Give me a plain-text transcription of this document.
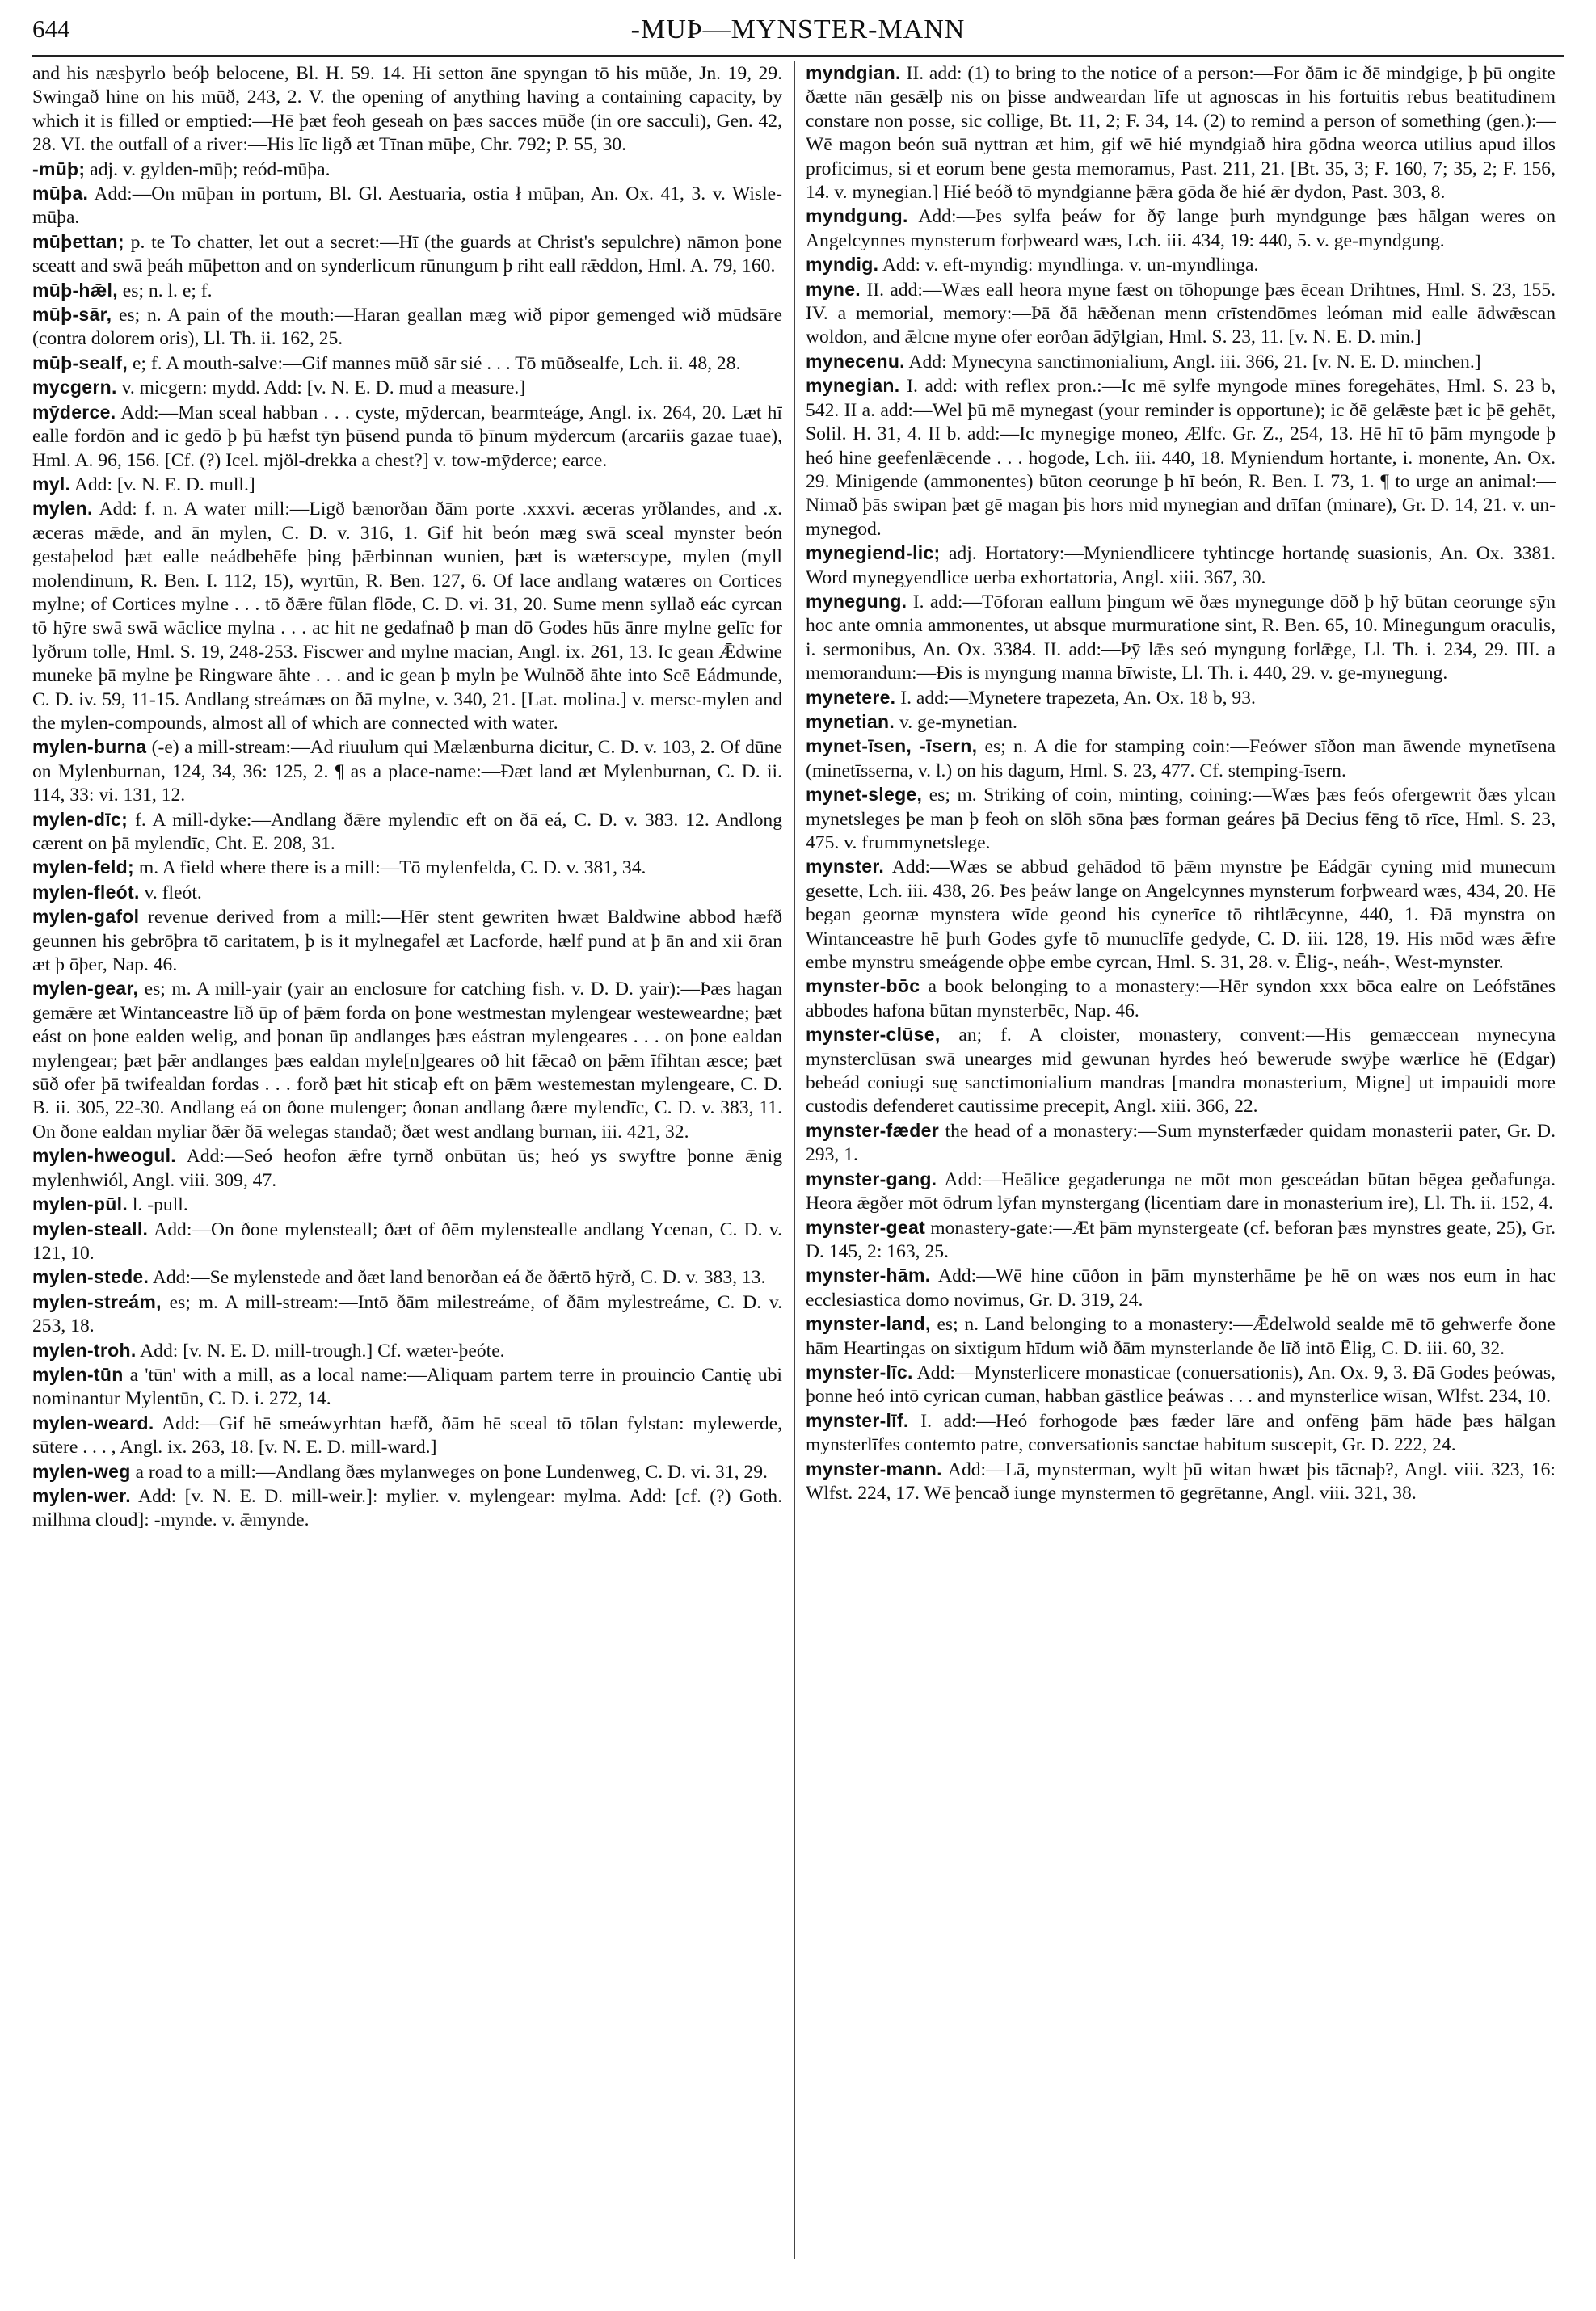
644	-MUÞ—MYNSTER-MANN

and his næsþyrlo beóþ belocene, Bl. H. 59. 14. Hi setton āne spyngan tō his mūðe, Jn. 19, 29. Swingað hine on his mūð, 243, 2. V. the opening of anything having a containing capacity, by which it is filled or emptied:—Hē þæt feoh geseah on þæs sacces mūðe (in ore sacculi), Gen. 42, 28. VI. the outfall of a river:—His līc ligð æt Tīnan mūþe, Chr. 792; P. 55, 30.

-mūþ; adj. v. gylden-mūþ; reód-mūþa.

mūþa. Add:—On mūþan in portum, Bl. Gl. Aestuaria, ostia ł mūþan, An. Ox. 41, 3. v. Wisle-mūþa.

mūþettan; p. te To chatter, let out a secret:—Hī (the guards at Christ's sepulchre) nāmon þone sceatt and swā þeáh mūþetton and on synderlicum rūnungum þ riht eall rǣddon, Hml. A. 79, 160.

mūþ-hǣl, es; n. l. e; f.

mūþ-sār, es; n. A pain of the mouth:—Haran geallan mæg wið pipor gemenged wið mūdsāre (contra dolorem oris), Ll. Th. ii. 162, 25.

mūþ-sealf, e; f. A mouth-salve:—Gif mannes mūð sār sié . . . Tō mūðsealfe, Lch. ii. 48, 28.

mycgern. v. micgern: mydd. Add: [v. N. E. D. mud a measure.]

mȳderce. Add:—Man sceal habban . . . cyste, mȳdercan, bearmteáge, Angl. ix. 264, 20. Læt hī ealle fordōn and ic gedō þ þū hæfst tȳn þūsend punda tō þīnum mȳdercum (arcariis gazae tuae), Hml. A. 96, 156. [Cf. (?) Icel. mjöl-drekka a chest?] v. tow-mȳderce; earce.

myl. Add: [v. N. E. D. mull.]

mylen. Add: f. n. A water mill:—Ligð bænorðan ðām porte .xxxvi. æceras yrðlandes, and .x. æceras mǣde, and ān mylen, C. D. v. 316, 1. Gif hit beón mæg swā sceal mynster beón gestaþelod þæt ealle neádbehēfe þing þǣrbinnan wunien, þæt is wæterscype, mylen (myll molendinum, R. Ben. I. 112, 15), wyrtūn, R. Ben. 127, 6. Of lace andlang watæres on Cortices mylne; of Cortices mylne . . . tō ðǣre fūlan flōde, C. D. vi. 31, 20. Sume menn syllað eác cyrcan tō hȳre swā swā wāclice mylna . . . ac hit ne gedafnað þ man dō Godes hūs ānre mylne gelīc for lyðrum tolle, Hml. S. 19, 248-253. Fiscwer and mylne macian, Angl. ix. 261, 13. Ic gean Ǣdwine muneke þā mylne þe Ringware āhte . . . and ic gean þ myln þe Wulnōð āhte into Scē Eádmunde, C. D. iv. 59, 11-15. Andlang streámæs on ðā mylne, v. 340, 21. [Lat. molina.] v. mersc-mylen and the mylen-compounds, almost all of which are connected with water.

mylen-burna (-e) a mill-stream:—Ad riuulum qui Mælænburna dicitur, C. D. v. 103, 2. Of dūne on Mylenburnan, 124, 34, 36: 125, 2. ¶ as a place-name:—Ðæt land æt Mylenburnan, C. D. ii. 114, 33: vi. 131, 12.

mylen-dīc; f. A mill-dyke:—Andlang ðǣre mylendīc eft on ðā eá, C. D. v. 383. 12. Andlong cærent on þā mylendīc, Cht. E. 208, 31.

mylen-feld; m. A field where there is a mill:—Tō mylenfelda, C. D. v. 381, 34.

mylen-fleót. v. fleót.

mylen-gafol revenue derived from a mill:—Hēr stent gewriten hwæt Baldwine abbod hæfð geunnen his gebrōþra tō caritatem, þ is it mylnegafel æt Lacforde, hælf pund at þ ān and xii ōran æt þ ōþer, Nap. 46.

mylen-gear, es; m. A mill-yair (yair an enclosure for catching fish. v. D. D. yair):—Þæs hagan gemǣre æt Wintanceastre līð ūp of þǣm forda on þone westmestan mylengear westeweardne; þæt eást on þone ealden welig, and þonan ūp andlanges þæs eástran mylengeares . . . on þone ealdan mylengear; þæt þǣr andlanges þæs ealdan myle[n]geares oð hit fǣcað on þǣm īfihtan æsce; þæt sūð ofer þā twifealdan fordas . . . forð þæt hit sticaþ eft on þǣm westemestan mylengeare, C. D. B. ii. 305, 22-30. Andlang eá on ðone mulenger; ðonan andlang ðære mylendīc, C. D. v. 383, 11. On ðone ealdan myliar ðǣr ðā welegas standað; ðæt west andlang burnan, iii. 421, 32.

mylen-hweogul. Add:—Seó heofon ǣfre tyrnð onbūtan ūs; heó ys swyftre þonne ǣnig mylenhwiól, Angl. viii. 309, 47.

mylen-pūl. l. -pull.

mylen-steall. Add:—On ðone mylensteall; ðæt of ðēm mylenstealle andlang Ycenan, C. D. v. 121, 10.

mylen-stede. Add:—Se mylenstede and ðæt land benorðan eá ðe ðǣrtō hȳrð, C. D. v. 383, 13.

mylen-streám, es; m. A mill-stream:—Intō ðām milestreáme, of ðām mylestreáme, C. D. v. 253, 18.

mylen-troh. Add: [v. N. E. D. mill-trough.] Cf. wæter-þeóte.

mylen-tūn a 'tūn' with a mill, as a local name:—Aliquam partem terre in prouincio Cantię ubi nominantur Mylentūn, C. D. i. 272, 14.

mylen-weard. Add:—Gif hē smeáwyrhtan hæfð, ðām hē sceal tō tōlan fylstan: mylewerde, sūtere . . . , Angl. ix. 263, 18. [v. N. E. D. mill-ward.]

mylen-weg a road to a mill:—Andlang ðæs mylanweges on þone Lundenweg, C. D. vi. 31, 29.

mylen-wer. Add: [v. N. E. D. mill-weir.]: mylier. v. mylengear: mylma. Add: [cf. (?) Goth. milhma cloud]: -mynde. v. ǣmynde.

myndgian. II. add: (1) to bring to the notice of a person:—For ðām ic ðē mindgige, þ þū ongite ðætte nān gesǣlþ nis on þisse andweardan līfe ut agnoscas in his fortuitis rebus beatitudinem constare non posse, sic collige, Bt. 11, 2; F. 34, 14. (2) to remind a person of something (gen.):—Wē magon beón suā nyttran æt him, gif wē hié myndgiað hira gōdna weorca utilius apud illos proficimus, si et eorum bene gesta memoramus, Past. 211, 21. [Bt. 35, 3; F. 160, 7; 35, 2; F. 156, 14. v. mynegian.] Hié beóð tō myndgianne þǣra gōda ðe hié ǣr dydon, Past. 303, 8.

myndgung. Add:—Þes sylfa þeáw for ðȳ lange þurh myndgunge þæs hālgan weres on Angelcynnes mynsterum forþweard wæs, Lch. iii. 434, 19: 440, 5. v. ge-myndgung.

myndig. Add: v. eft-myndig: myndlinga. v. un-myndlinga.

myne. II. add:—Wæs eall heora myne fæst on tōhopunge þæs ēcean Drihtnes, Hml. S. 23, 155. IV. a memorial, memory:—Þā ðā hǣðenan menn crīstendōmes leóman mid ealle ādwǣscan woldon, and ǣlcne myne ofer eorðan ādȳlgian, Hml. S. 23, 11. [v. N. E. D. min.]

mynecenu. Add: Mynecyna sanctimonialium, Angl. iii. 366, 21. [v. N. E. D. minchen.]

mynegian. I. add: with reflex pron.:—Ic mē sylfe myngode mīnes foregehātes, Hml. S. 23 b, 542. II a. add:—Wel þū mē mynegast (your reminder is opportune); ic ðē gelǣste þæt ic þē gehēt, Solil. H. 31, 4. II b. add:—Ic mynegige moneo, Ælfc. Gr. Z., 254, 13. Hē hī tō þām myngode þ heó hine geefenlǣcende . . . hogode, Lch. iii. 440, 18. Myniendum hortante, i. monente, An. Ox. 29. Minigende (ammonentes) būton ceorunge þ hī beón, R. Ben. I. 73, 1. ¶ to urge an animal:—Nimað þās swipan þæt gē magan þis hors mid mynegian and drīfan (minare), Gr. D. 14, 21. v. un-mynegod.

mynegiend-lic; adj. Hortatory:—Myniendlicere tyhtincge hortandę suasionis, An. Ox. 3381. Word mynegyendlice uerba exhortatoria, Angl. xiii. 367, 30.

mynegung. I. add:—Tōforan eallum þingum wē ðæs mynegunge dōð þ hȳ būtan ceorunge sȳn hoc ante omnia ammonentes, ut absque murmuratione sint, R. Ben. 65, 10. Minegungum oraculis, i. sermonibus, An. Ox. 3384. II. add:—Þȳ lǣs seó myngung forlǣge, Ll. Th. i. 234, 29. III. a memorandum:—Ðis is myngung manna bīwiste, Ll. Th. i. 440, 29. v. ge-mynegung.

mynetere. I. add:—Mynetere trapezeta, An. Ox. 18 b, 93.

mynetian. v. ge-mynetian.

mynet-īsen, -īsern, es; n. A die for stamping coin:—Feówer sīðon man āwende mynetīsena (minetīsserna, v. l.) on his dagum, Hml. S. 23, 477. Cf. stemping-īsern.

mynet-slege, es; m. Striking of coin, minting, coining:—Wæs þæs feós ofergewrit ðæs ylcan mynetsleges þe man þ feoh on slōh sōna þæs forman geáres þā Decius fēng tō rīce, Hml. S. 23, 475. v. frummynetslege.

mynster. Add:—Wæs se abbud gehādod tō þǣm mynstre þe Eádgār cyning mid munecum gesette, Lch. iii. 438, 26. Þes þeáw lange on Angelcynnes mynsterum forþweard wæs, 434, 20. Hē began geornæ mynstera wīde geond his cynerīce tō rihtlǣcynne, 440, 1. Ðā mynstra on Wintanceastre hē þurh Godes gyfe tō munuclīfe gedyde, C. D. iii. 128, 19. His mōd wæs ǣfre embe mynstru smeágende oþþe embe cyrcan, Hml. S. 31, 28. v. Ēlig-, neáh-, West-mynster.

mynster-bōc a book belonging to a monastery:—Hēr syndon xxx bōca ealre on Leófstānes abbodes hafona būtan mynsterbēc, Nap. 46.

mynster-clūse, an; f. A cloister, monastery, convent:—His gemæccean mynecyna mynsterclūsan swā unearges mid gewunan hyrdes heó bewerude swȳþe wærlīce hē (Edgar) bebeád coniugi suę sanctimonialium mandras [mandra monasterium, Migne] ut impauidi more custodis defenderet cautissime precepit, Angl. xiii. 366, 22.

mynster-fæder the head of a monastery:—Sum mynsterfæder quidam monasterii pater, Gr. D. 293, 1.

mynster-gang. Add:—Heālice gegaderunga ne mōt mon gesceádan būtan bēgea geðafunga. Heora ǣgðer mōt ōdrum lȳfan mynstergang (licentiam dare in monasterium ire), Ll. Th. ii. 152, 4.

mynster-geat monastery-gate:—Æt þām mynstergeate (cf. beforan þæs mynstres geate, 25), Gr. D. 145, 2: 163, 25.

mynster-hām. Add:—Wē hine cūðon in þām mynsterhāme þe hē on wæs nos eum in hac ecclesiastica domo novimus, Gr. D. 319, 24.

mynster-land, es; n. Land belonging to a monastery:—Ǣdelwold sealde mē tō gehwerfe ðone hām Heartingas on sixtigum hīdum wið ðām mynsterlande ðe līð intō Ēlig, C. D. iii. 60, 32.

mynster-līc. Add:—Mynsterlicere monasticae (conuersationis), An. Ox. 9, 3. Ðā Godes þeówas, þonne heó intō cyrican cuman, habban gāstlice þeáwas . . . and mynsterlice wīsan, Wlfst. 234, 10.

mynster-līf. I. add:—Heó forhogode þæs fæder lāre and onfēng þām hāde þæs hālgan mynsterlīfes contemto patre, conversationis sanctae habitum suscepit, Gr. D. 222, 24.

mynster-mann. Add:—Lā, mynsterman, wylt þū witan hwæt þis tācnaþ?, Angl. viii. 323, 16: Wlfst. 224, 17. Wē þencað iunge mynstermen tō gegrētanne, Angl. viii. 321, 38.
